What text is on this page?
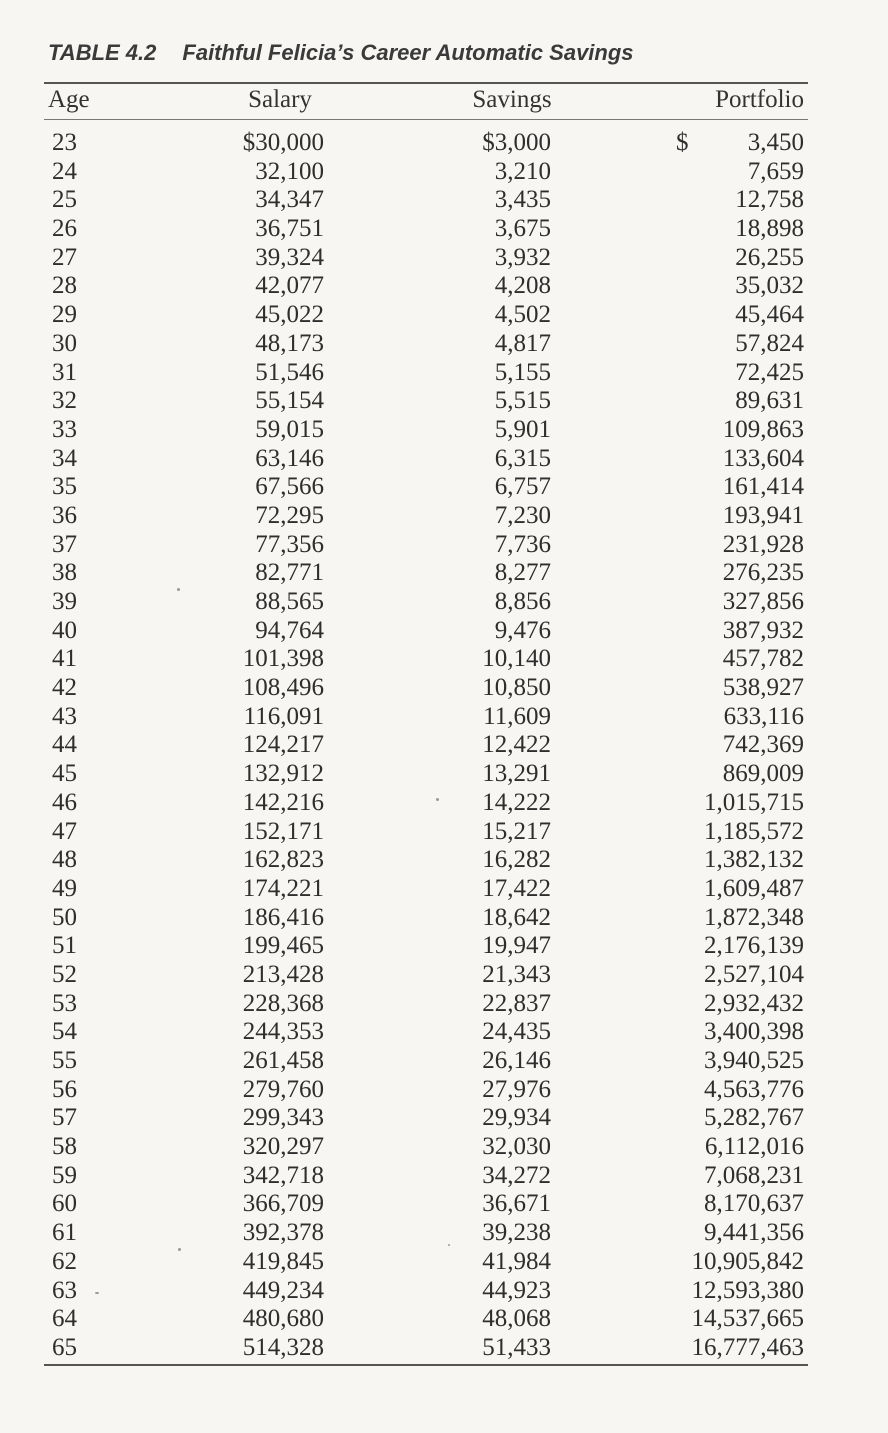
TABLE 4.2 Faithful Felicia’s Career Automatic Savings
Age	Salary	Savings	Portfolio
$
23	$30,000	$3,000	3,450
24	32,100	3,210	7,659
25	34,347	3,435	12,758
26	36,751	3,675	18,898
27	39,324	3,932	26,255
28	42,077	4,208	35,032
29	45,022	4,502	45,464
30	48,173	4,817	57,824
31	51,546	5,155	72,425
32	55,154	5,515	89,631
33	59,015	5,901	109,863
34	63,146	6,315	133,604
35	67,566	6,757	161,414
36	72,295	7,230	193,941
37	77,356	7,736	231,928
38	82,771	8,277	276,235
39	88,565	8,856	327,856
40	94,764	9,476	387,932
41	101,398	10,140	457,782
42	108,496	10,850	538,927
43	116,091	11,609	633,116
44	124,217	12,422	742,369
45	132,912	13,291	869,009
46	142,216	14,222	1,015,715
47	152,171	15,217	1,185,572
48	162,823	16,282	1,382,132
49	174,221	17,422	1,609,487
50	186,416	18,642	1,872,348
51	199,465	19,947	2,176,139
52	213,428	21,343	2,527,104
53	228,368	22,837	2,932,432
54	244,353	24,435	3,400,398
55	261,458	26,146	3,940,525
56	279,760	27,976	4,563,776
57	299,343	29,934	5,282,767
58	320,297	32,030	6,112,016
59	342,718	34,272	7,068,231
60	366,709	36,671	8,170,637
61	392,378	39,238	9,441,356
62	419,845	41,984	10,905,842
63	449,234	44,923	12,593,380
64	480,680	48,068	14,537,665
65	514,328	51,433	16,777,463
